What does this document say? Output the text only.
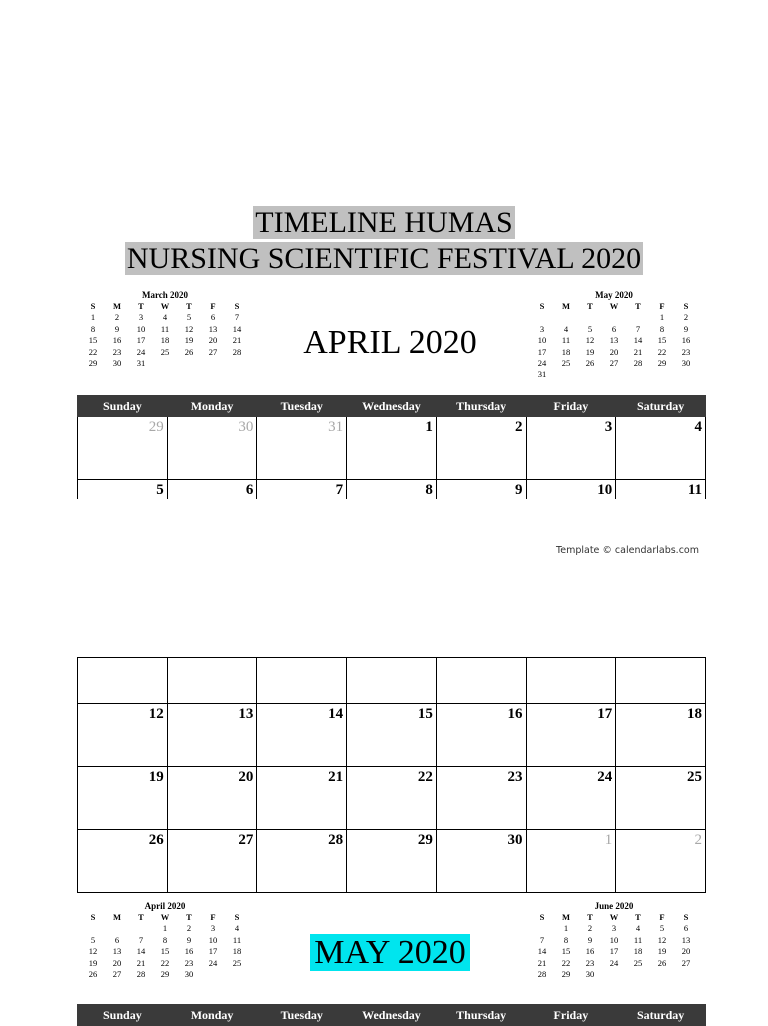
TIMELINE HUMAS
NURSING SCIENTIFIC FESTIVAL 2020
March 2020
S	M	T	W	T	F	S
1	2	3	4	5	6	7
8	9	10	11	12	13	14
15	16	17	18	19	20	21
22	23	24	25	26	27	28
29	30	31				
APRIL 2020
May 2020
S	M	T	W	T	F	S
					1	2
3	4	5	6	7	8	9
10	11	12	13	14	15	16
17	18	19	20	21	22	23
24	25	26	27	28	29	30
31						
Sunday	Monday	Tuesday	Wednesday	Thursday	Friday	Saturday
29	30	31	1	2	3	4
5	6	7	8	9	10	11
Template © calendarlabs.com

12	13	14	15	16	17	18
19	20	21	22	23	24	25
26	27	28	29	30	1	2
April 2020
S	M	T	W	T	F	S
			1	2	3	4
5	6	7	8	9	10	11
12	13	14	15	16	17	18
19	20	21	22	23	24	25
26	27	28	29	30		
MAY 2020
June 2020
S	M	T	W	T	F	S
	1	2	3	4	5	6
7	8	9	10	11	12	13
14	15	16	17	18	19	20
21	22	23	24	25	26	27
28	29	30				
Sunday	Monday	Tuesday	Wednesday	Thursday	Friday	Saturday
